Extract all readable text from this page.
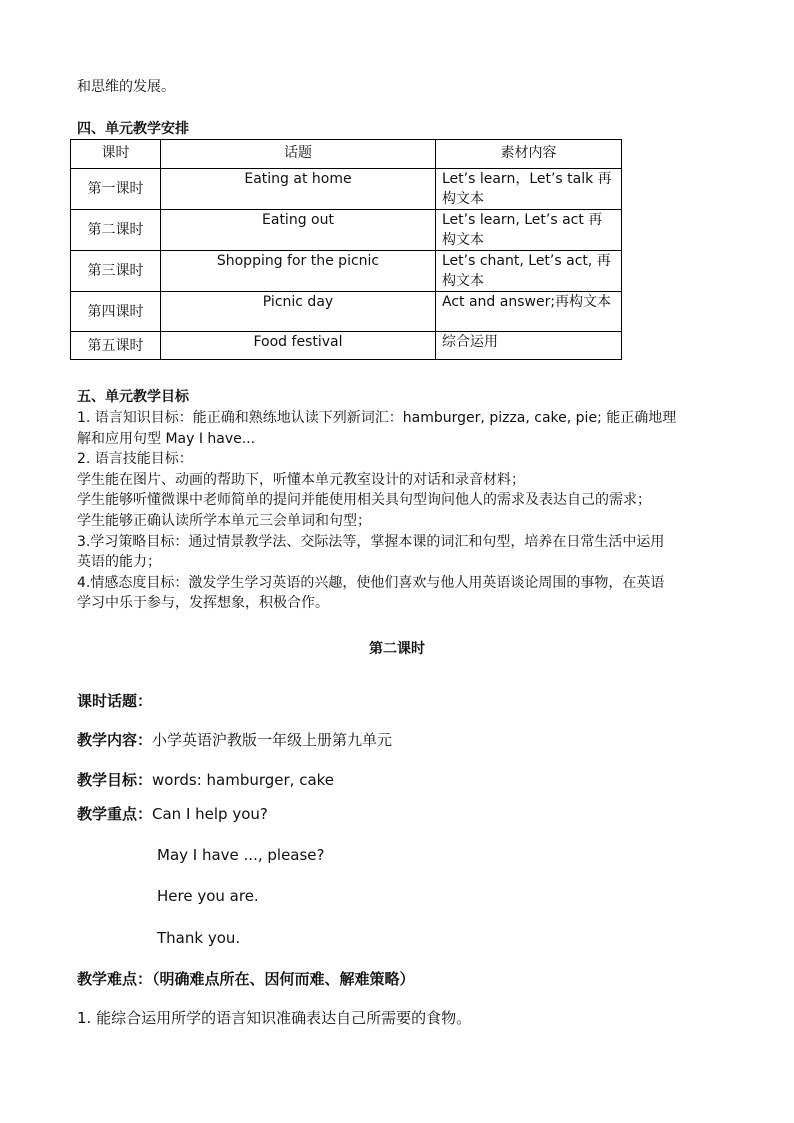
和思维的发展。
四、单元教学安排
课时	话题	素材内容
第一课时	Eating at home	Let’s learn，Let’s talk 再构文本
第二课时	Eating out	Let’s learn, Let’s act 再构文本
第三课时	Shopping for the picnic	Let’s chant, Let’s act, 再构文本
第四课时	Picnic day	Act and answer;再构文本
第五课时	Food festival	综合运用
五、单元教学目标

1. 语言知识目标：能正确和熟练地认读下列新词汇：hamburger, pizza, cake, pie; 能正确地理

解和应用句型 May I have...

2. 语言技能目标：

学生能在图片、动画的帮助下，听懂本单元教室设计的对话和录音材料；

学生能够听懂微课中老师简单的提问并能使用相关具句型询问他人的需求及表达自己的需求；

学生能够正确认读所学本单元三会单词和句型；

3.学习策略目标：通过情景教学法、交际法等，掌握本课的词汇和句型，培养在日常生活中运用

英语的能力；

4.情感态度目标：激发学生学习英语的兴趣，使他们喜欢与他人用英语谈论周围的事物，在英语

学习中乐于参与，发挥想象，积极合作。

第二课时
课时话题：
教学内容：小学英语沪教版一年级上册第九单元
教学目标：words: hamburger, cake
教学重点：Can I help you?
May I have ..., please?
Here you are.
Thank you.
教学难点：（明确难点所在、因何而难、解难策略）
1. 能综合运用所学的语言知识准确表达自己所需要的食物。
